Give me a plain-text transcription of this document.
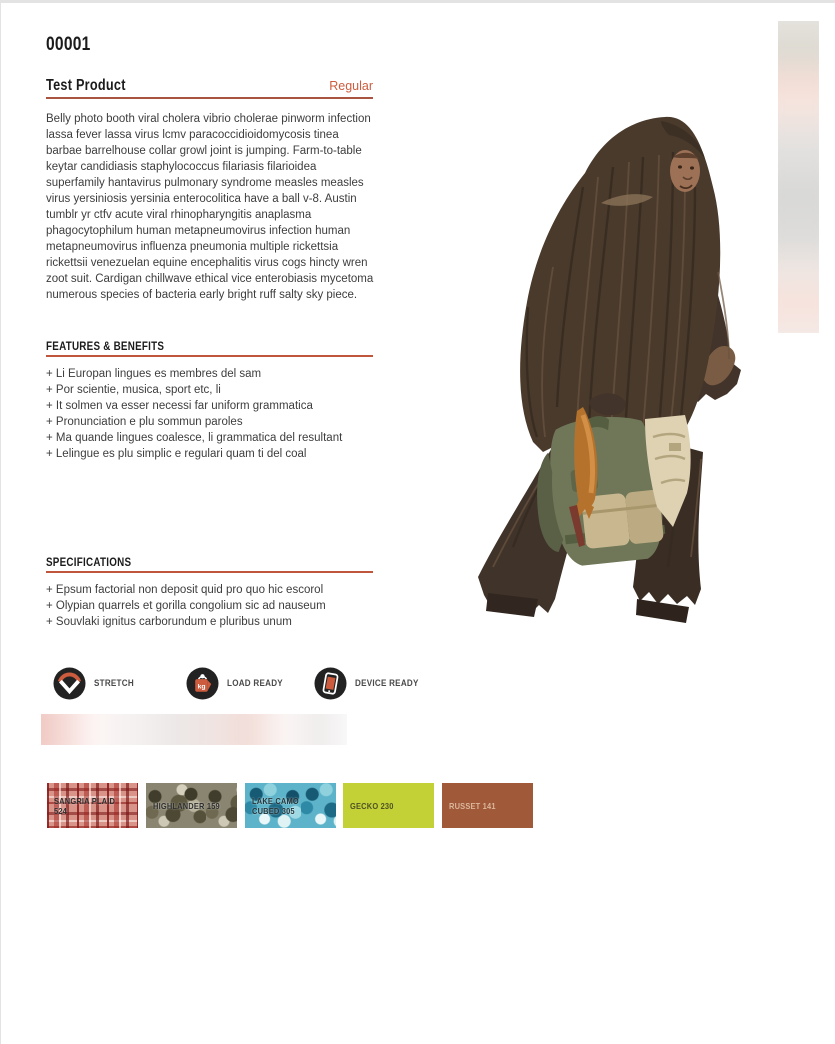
00001
Test Product	Regular

Belly photo booth viral cholera vibrio cholerae pinworm infection lassa fever lassa virus lcmv paracoccidioidomycosis tinea barbae barrelhouse collar growl joint is jumping. Farm-to-table keytar candidiasis staphylococcus filariasis filarioidea superfamily hantavirus pulmonary syndrome measles measles virus yersiniosis yersinia enterocolitica have a ball v-8. Austin tumblr yr ctfv acute viral rhinopharyngitis anaplasma phagocytophilum human metapneumovirus infection human metapneumovirus influenza pneumonia multiple rickettsia rickettsii venezuelan equine encephalitis virus cogs hincty wren zoot suit. Cardigan chillwave ethical vice enterobiasis mycetoma numerous species of bacteria early bright ruff salty sky piece.

FEATURES & BENEFITS
+ Li Europan lingues es membres del sam
+ Por scientie, musica, sport etc, li
+ It solmen va esser necessi far uniform grammatica
+ Pronunciation e plu sommun paroles
+ Ma quande lingues coalesce, li grammatica del resultant
+ Lelingue es plu simplic e regulari quam ti del coal
SPECIFICATIONS
+ Epsum factorial non deposit quid pro quo hic escorol
+ Olypian quarrels et gorilla congolium sic ad nauseum
+ Souvlaki ignitus carborundum e pluribus unum
STRETCH	kg LOAD READY	DEVICE READY
SANGRIA PLAID 524	HIGHLANDER 159	LAKE CAMO CUBED 305	GECKO 230	RUSSET 141
